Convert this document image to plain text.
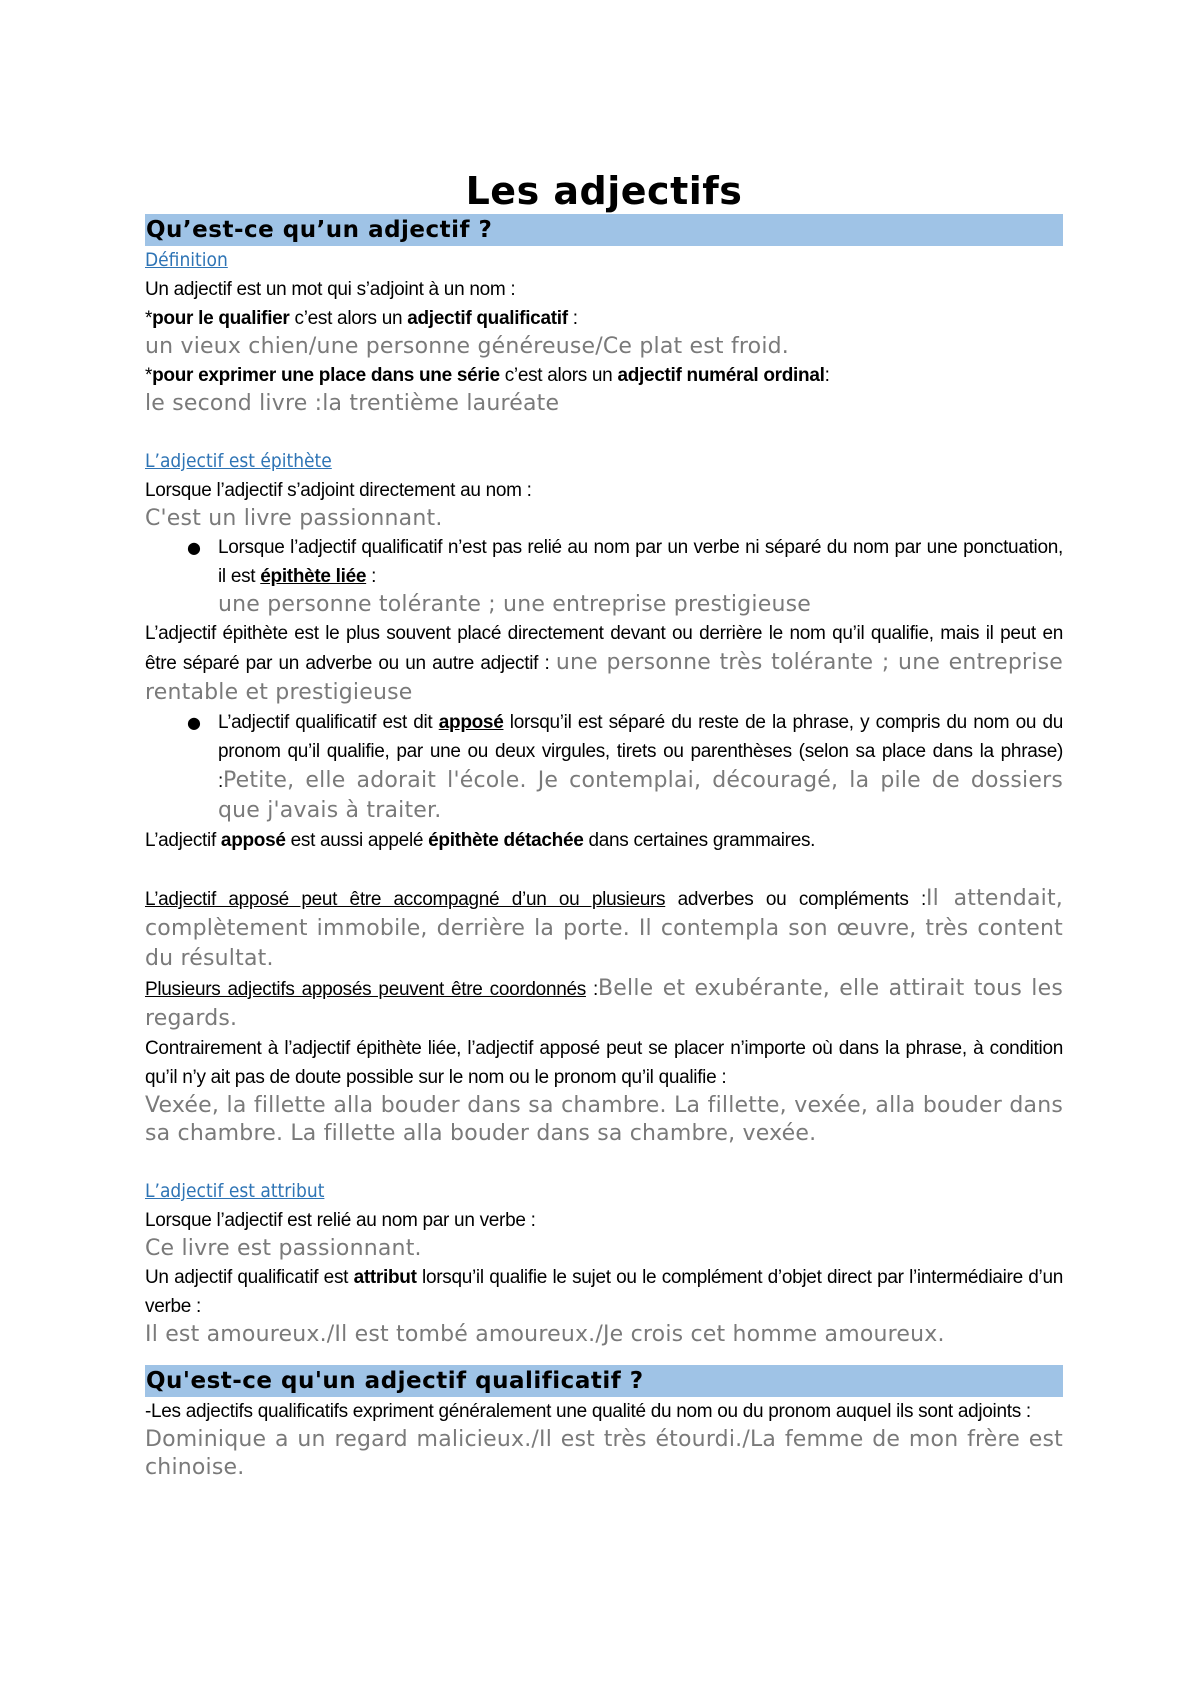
Les adjectifs
Qu’est-ce qu’un adjectif ?

Définition

Un adjectif est un mot qui s’adjoint à un nom :

*pour le qualifier c’est alors un adjectif qualificatif :

un vieux chien/une personne généreuse/Ce plat est froid.

*pour exprimer une place dans une série c’est alors un adjectif numéral ordinal:

le second livre :la trentième lauréate

L’adjectif est épithète

Lorsque l’adjectif s’adjoint directement au nom :

C'est un livre passionnant.

● Lorsque l’adjectif qualificatif n’est pas relié au nom par un verbe ni séparé du nom par une ponctuation, il est épithète liée :

une personne tolérante ; une entreprise prestigieuse

L’adjectif épithète est le plus souvent placé directement devant ou derrière le nom qu’il qualifie, mais il peut en être séparé par un adverbe ou un autre adjectif : une personne très tolérante ; une entreprise rentable et prestigieuse

● L’adjectif qualificatif est dit apposé lorsqu’il est séparé du reste de la phrase, y compris du nom ou du pronom qu’il qualifie, par une ou deux virgules, tirets ou parenthèses (selon sa place dans la phrase) :Petite, elle adorait l'école. Je contemplai, découragé, la pile de dossiers que j'avais à traiter.

L’adjectif apposé est aussi appelé épithète détachée dans certaines grammaires.

L’adjectif apposé peut être accompagné d’un ou plusieurs adverbes ou compléments :Il attendait, complètement immobile, derrière la porte. Il contempla son œuvre, très content du résultat.

Plusieurs adjectifs apposés peuvent être coordonnés :Belle et exubérante, elle attirait tous les regards.

Contrairement à l’adjectif épithète liée, l’adjectif apposé peut se placer n’importe où dans la phrase, à condition qu’il n’y ait pas de doute possible sur le nom ou le pronom qu’il qualifie :

Vexée, la fillette alla bouder dans sa chambre. La fillette, vexée, alla bouder dans sa chambre. La fillette alla bouder dans sa chambre, vexée.

L’adjectif est attribut

Lorsque l’adjectif est relié au nom par un verbe :

Ce livre est passionnant.

Un adjectif qualificatif est attribut lorsqu’il qualifie le sujet ou le complément d’objet direct par l’intermédiaire d’un verbe :

Il est amoureux./Il est tombé amoureux./Je crois cet homme amoureux.

Qu'est-ce qu'un adjectif qualificatif ?

-Les adjectifs qualificatifs expriment généralement une qualité du nom ou du pronom auquel ils sont adjoints :

Dominique a un regard malicieux./Il est très étourdi./La femme de mon frère est chinoise.
